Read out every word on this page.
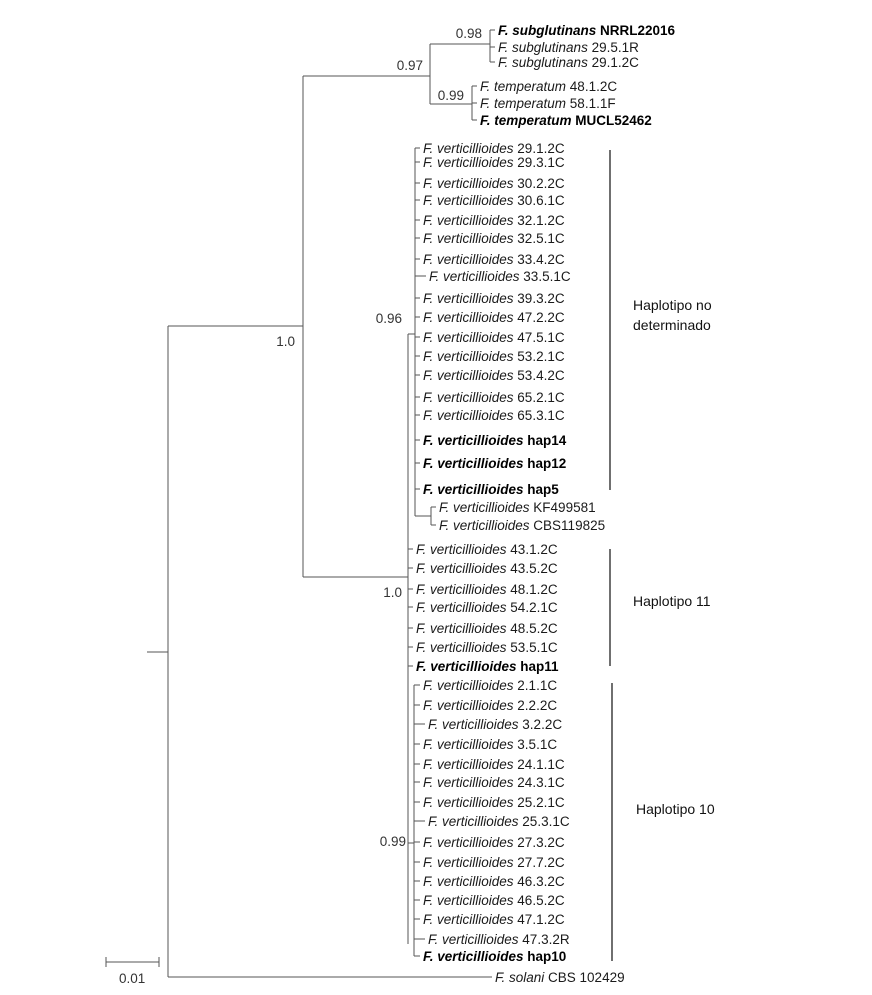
F. subglutinans NRRL22016
F. subglutinans 29.5.1R
F. subglutinans 29.1.2C
F. temperatum 48.1.2C
F. temperatum 58.1.1F
F. temperatum MUCL52462
F. verticillioides 29.1.2C
F. verticillioides 29.3.1C
F. verticillioides 30.2.2C
F. verticillioides 30.6.1C
F. verticillioides 32.1.2C
F. verticillioides 32.5.1C
F. verticillioides 33.4.2C
F. verticillioides 33.5.1C
F. verticillioides 39.3.2C
F. verticillioides 47.2.2C
F. verticillioides 47.5.1C
F. verticillioides 53.2.1C
F. verticillioides 53.4.2C
F. verticillioides 65.2.1C
F. verticillioides 65.3.1C
F. verticillioides hap14
F. verticillioides hap12
F. verticillioides hap5
F. verticillioides KF499581
F. verticillioides CBS119825
F. verticillioides 43.1.2C
F. verticillioides 43.5.2C
F. verticillioides 48.1.2C
F. verticillioides 54.2.1C
F. verticillioides 48.5.2C
F. verticillioides 53.5.1C
F. verticillioides hap11
F. verticillioides 2.1.1C
F. verticillioides 2.2.2C
F. verticillioides 3.2.2C
F. verticillioides 3.5.1C
F. verticillioides 24.1.1C
F. verticillioides 24.3.1C
F. verticillioides 25.2.1C
F. verticillioides 25.3.1C
F. verticillioides 27.3.2C
F. verticillioides 27.7.2C
F. verticillioides 46.3.2C
F. verticillioides 46.5.2C
F. verticillioides 47.1.2C
F. verticillioides 47.3.2R
F. verticillioides hap10
F. solani CBS 102429
0.98
0.97
0.99
1.0
0.96
1.0
0.99
Haplotipo no determinado
Haplotipo 11
Haplotipo 10
0.01
